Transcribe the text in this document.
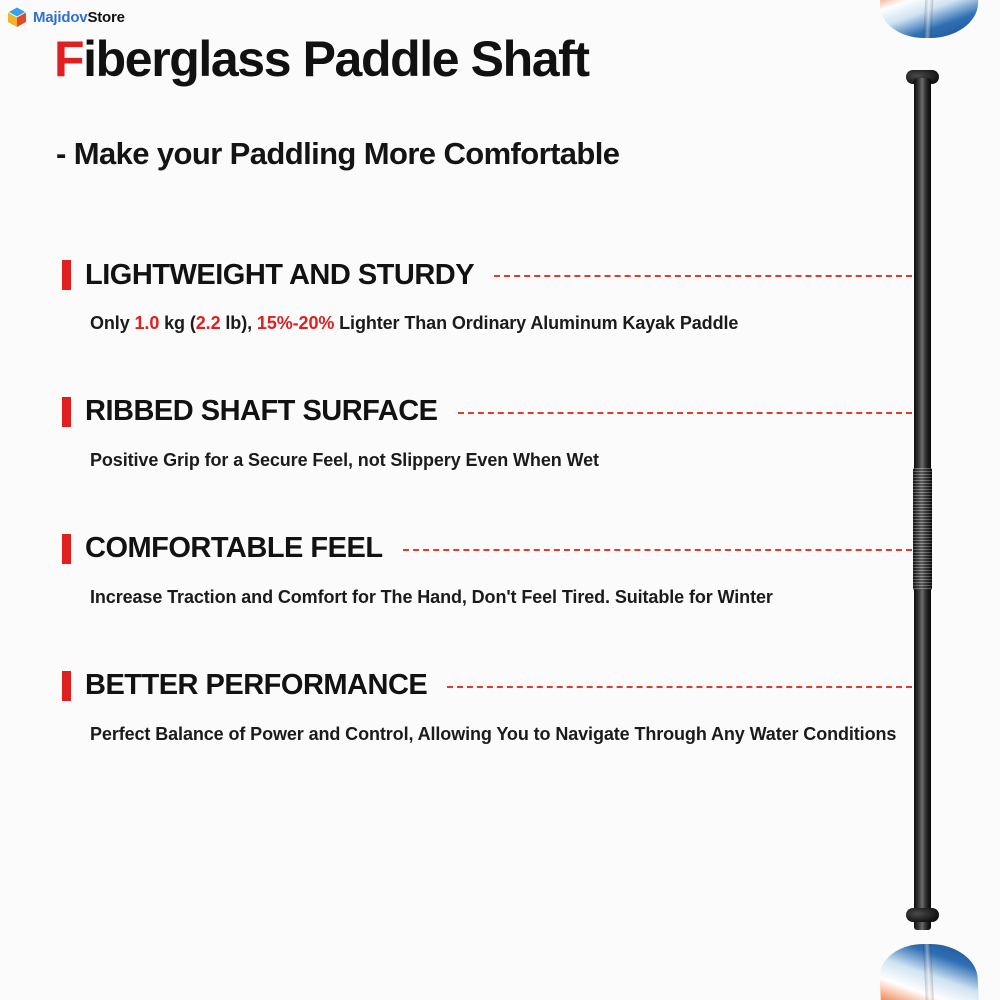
MajidovStore
Fiberglass Paddle Shaft
- Make your Paddling More Comfortable
LIGHTWEIGHT AND STURDY
Only 1.0 kg (2.2 lb), 15%-20% Lighter Than Ordinary Aluminum Kayak Paddle
RIBBED SHAFT SURFACE
Positive Grip for a Secure Feel, not Slippery Even When Wet
COMFORTABLE FEEL
Increase Traction and Comfort for The Hand, Don't Feel Tired. Suitable for Winter
BETTER PERFORMANCE
Perfect Balance of Power and Control, Allowing You to Navigate Through Any Water Conditions
